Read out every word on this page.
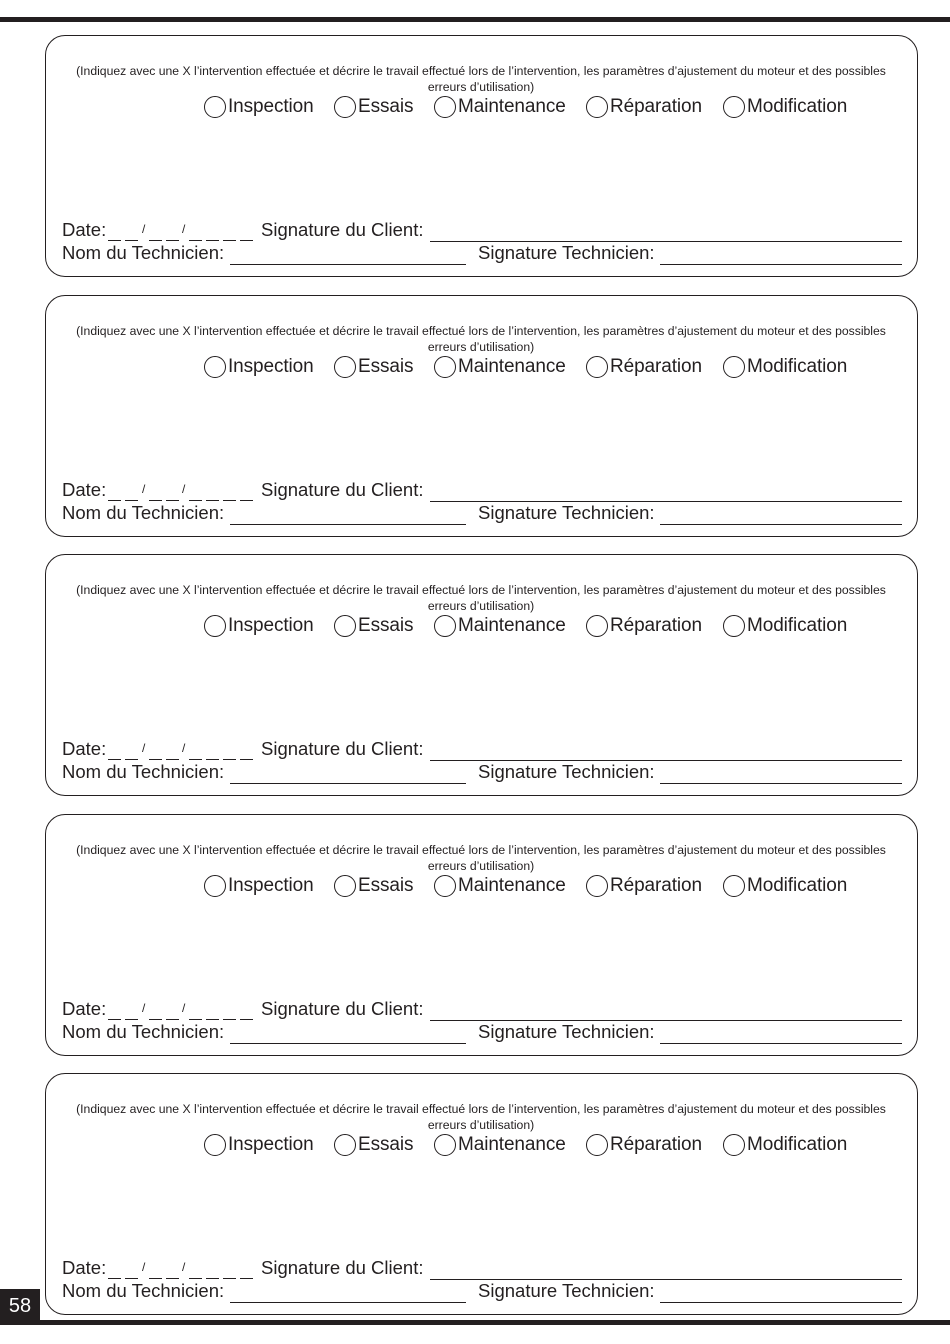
(Indiquez avec une X l’intervention effectuée et décrire le travail effectué lors de l’intervention, les paramètres d’ajustement du moteur et des possibles erreurs d’utilisation)
Inspection Essais Maintenance Réparation Modification
Date:	/	/	Signature du Client:
Nom du Technicien:	Signature Technicien:
(Indiquez avec une X l’intervention effectuée et décrire le travail effectué lors de l’intervention, les paramètres d’ajustement du moteur et des possibles erreurs d’utilisation)
Inspection Essais Maintenance Réparation Modification
Date:	/	/	Signature du Client:
Nom du Technicien:	Signature Technicien:
(Indiquez avec une X l’intervention effectuée et décrire le travail effectué lors de l’intervention, les paramètres d’ajustement du moteur et des possibles erreurs d’utilisation)
Inspection Essais Maintenance Réparation Modification
Date:	/	/	Signature du Client:
Nom du Technicien:	Signature Technicien:
(Indiquez avec une X l’intervention effectuée et décrire le travail effectué lors de l’intervention, les paramètres d’ajustement du moteur et des possibles erreurs d’utilisation)
Inspection Essais Maintenance Réparation Modification
Date:	/	/	Signature du Client:
Nom du Technicien:	Signature Technicien:
(Indiquez avec une X l’intervention effectuée et décrire le travail effectué lors de l’intervention, les paramètres d’ajustement du moteur et des possibles erreurs d’utilisation)
Inspection Essais Maintenance Réparation Modification
Date:	/	/	Signature du Client:
Nom du Technicien:	Signature Technicien:
58
